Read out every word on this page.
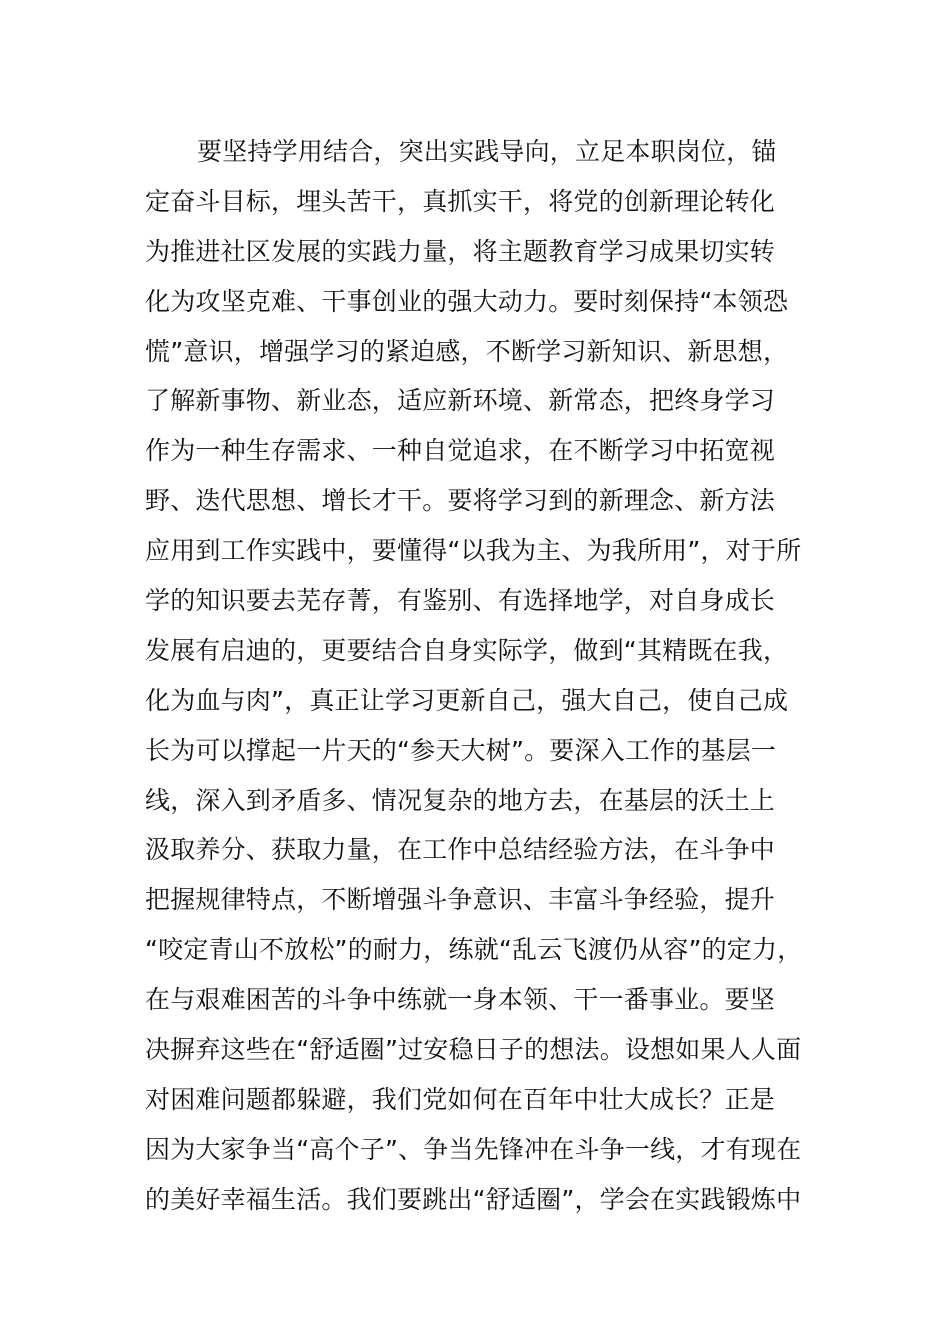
要坚持学用结合，突出实践导向，立足本职岗位，锚
定奋斗目标，埋头苦干，真抓实干，将党的创新理论转化
为推进社区发展的实践力量，将主题教育学习成果切实转
化为攻坚克难、干事创业的强大动力。要时刻保持“本领恐
慌”意识，增强学习的紧迫感，不断学习新知识、新思想，
了解新事物、新业态，适应新环境、新常态，把终身学习
作为一种生存需求、一种自觉追求，在不断学习中拓宽视
野、迭代思想、增长才干。要将学习到的新理念、新方法
应用到工作实践中，要懂得“以我为主、为我所用”，对于所
学的知识要去芜存菁，有鉴别、有选择地学，对自身成长
发展有启迪的，更要结合自身实际学，做到“其精既在我，
化为血与肉”，真正让学习更新自己，强大自己，使自己成
长为可以撑起一片天的“参天大树”。要深入工作的基层一
线，深入到矛盾多、情况复杂的地方去，在基层的沃土上
汲取养分、获取力量，在工作中总结经验方法，在斗争中
把握规律特点，不断增强斗争意识、丰富斗争经验，提升
“咬定青山不放松”的耐力，练就“乱云飞渡仍从容”的定力，
在与艰难困苦的斗争中练就一身本领、干一番事业。要坚
决摒弃这些在“舒适圈”过安稳日子的想法。设想如果人人面
对困难问题都躲避，我们党如何在百年中壮大成长？正是
因为大家争当“高个子”、争当先锋冲在斗争一线，才有现在
的美好幸福生活。我们要跳出“舒适圈”，学会在实践锻炼中
